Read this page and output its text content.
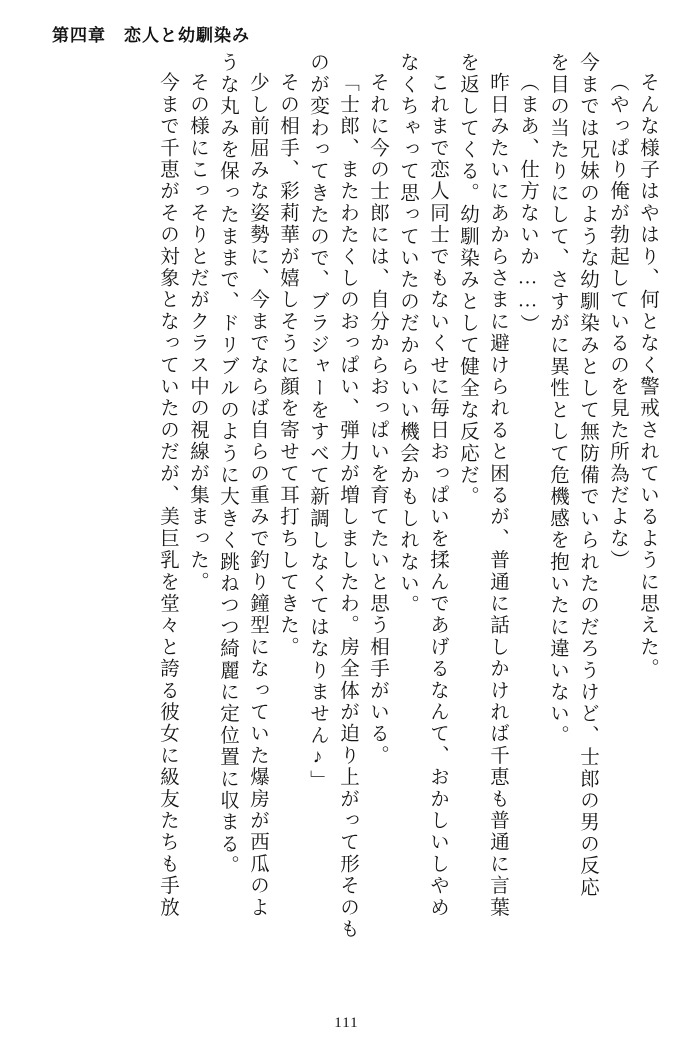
第四章 恋人と幼馴染み
そんな様子はやはり、何となく警戒されているように思えた。
（やっぱり俺が勃起しているのを見た所為だよな）
今までは兄妹のような幼馴染みとして無防備でいられたのだろうけど、士郎の男の反応
を目の当たりにして、さすがに異性として危機感を抱いたに違いない。
（まあ、仕方ないか……）
昨日みたいにあからさまに避けられると困るが、普通に話しかければ千恵も普通に言葉
を返してくる。幼馴染みとして健全な反応だ。
これまで恋人同士でもないくせに毎日おっぱいを揉んであげるなんて、おかしいしやめ
なくちゃって思っていたのだからいい機会かもしれない。
それに今の士郎には、自分からおっぱいを育てたいと思う相手がいる。
「士郎、またわたくしのおっぱい、弾力が増しましたわ。房全体が迫り上がって形そのも
のが変わってきたので、ブラジャーをすべて新調しなくてはなりません♪」
その相手、彩莉華が嬉しそうに顔を寄せて耳打ちしてきた。
少し前屈みな姿勢に、今までならば自らの重みで釣り鐘型になっていた爆房が西瓜のよ
うな丸みを保ったままで、ドリブルのように大きく跳ねつつ綺麗に定位置に収まる。
その様にこっそりとだがクラス中の視線が集まった。
今まで千恵がその対象となっていたのだが、美巨乳を堂々と誇る彼女に級友たちも手放
111
